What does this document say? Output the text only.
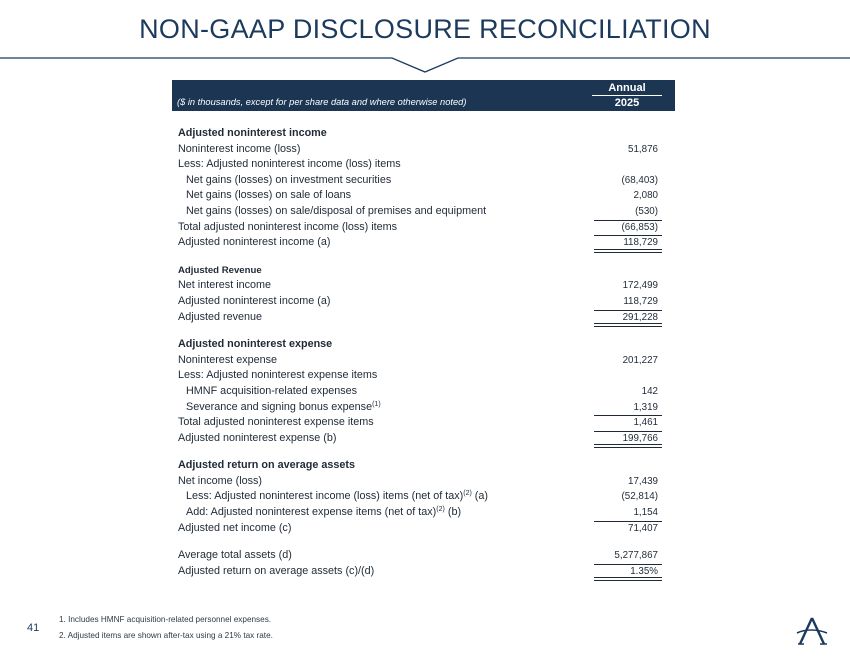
NON-GAAP DISCLOSURE RECONCILIATION
($ in thousands, except for per share data and where otherwise noted)
Annual
2025
Adjusted noninterest income
Noninterest income (loss)	51,876
Less: Adjusted noninterest income (loss) items
Net gains (losses) on investment securities	(68,403)
Net gains (losses) on sale of loans	2,080
Net gains (losses) on sale/disposal of premises and equipment	(530)
Total adjusted noninterest income (loss) items	(66,853)
Adjusted noninterest income (a)	118,729
Adjusted Revenue
Net interest income	172,499
Adjusted noninterest income (a)	118,729
Adjusted revenue	291,228
Adjusted noninterest expense
Noninterest expense	201,227
Less: Adjusted noninterest expense items
HMNF acquisition-related expenses	142
Severance and signing bonus expense$^{(1)}$	1,319
Total adjusted noninterest expense items	1,461
Adjusted noninterest expense (b)	199,766
Adjusted return on average assets
Net income (loss)	17,439
Less: Adjusted noninterest income (loss) items (net of tax)$^{(2)}$ (a)	(52,814)
Add: Adjusted noninterest expense items (net of tax)$^{(2)}$ (b)	1,154
Adjusted net income (c)	71,407
Average total assets (d)	5,277,867
Adjusted return on average assets (c)/(d)	1.35%
41
1. Includes HMNF acquisition-related personnel expenses.
2. Adjusted items are shown after-tax using a 21% tax rate.
